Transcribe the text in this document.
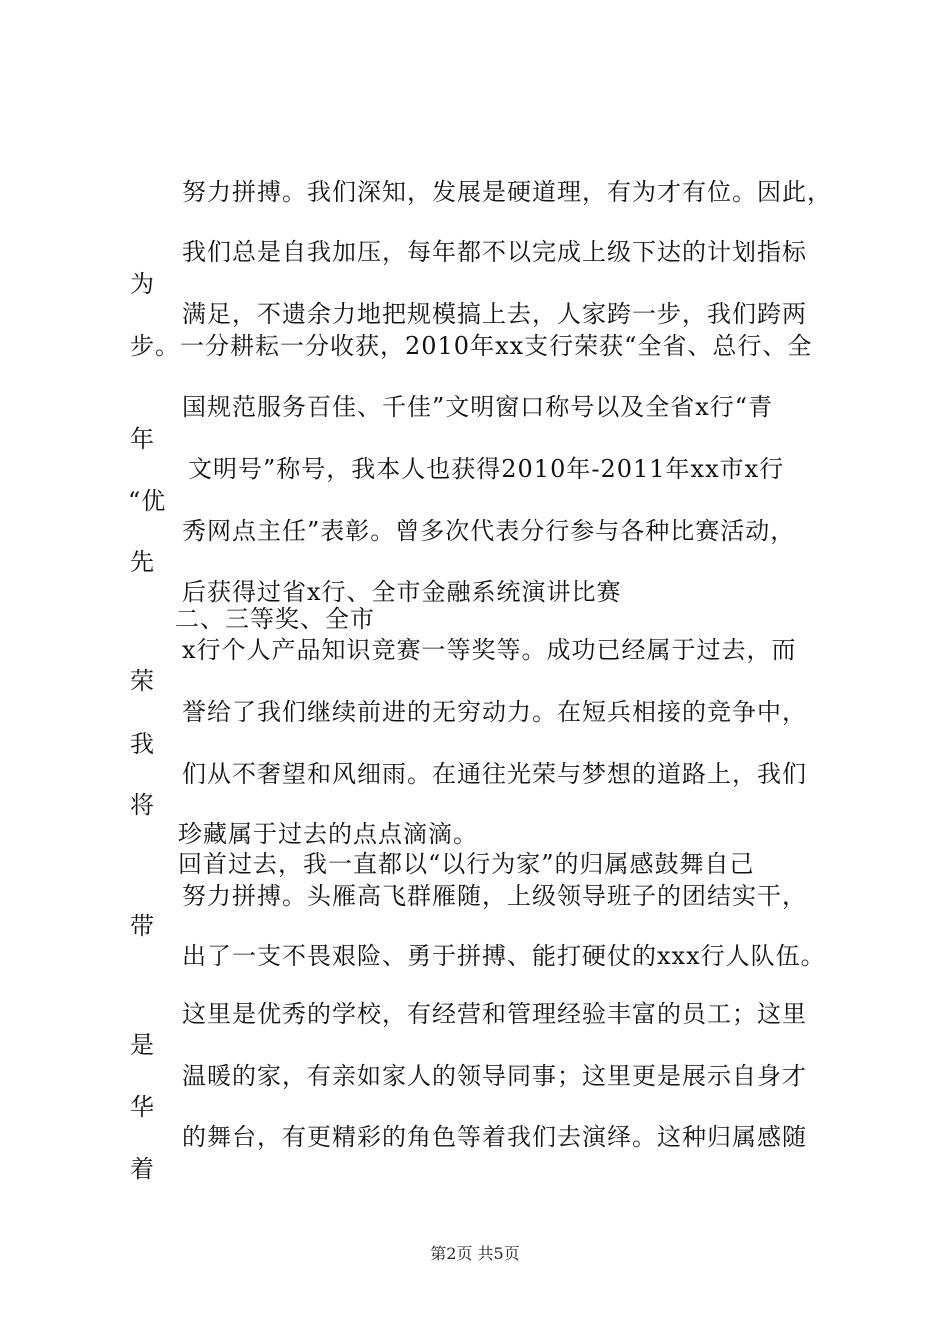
努力拼搏。我们深知，发展是硬道理，有为才有位。因此，
我们总是自我加压，每年都不以完成上级下达的计划指标
为
满足，不遗余力地把规模搞上去，人家跨一步，我们跨两
步。一分耕耘一分收获，2010年xx支行荣获“全省、总行、全
国规范服务百佳、千佳”文明窗口称号以及全省x行“青
年
文明号”称号，我本人也获得2010年-2011年xx市x行
“优
秀网点主任”表彰。曾多次代表分行参与各种比赛活动，
先
后获得过省x行、全市金融系统演讲比赛
二、三等奖、全市
x行个人产品知识竞赛一等奖等。成功已经属于过去，而
荣
誉给了我们继续前进的无穷动力。在短兵相接的竞争中，
我
们从不奢望和风细雨。在通往光荣与梦想的道路上，我们
将
珍藏属于过去的点点滴滴。
回首过去，我一直都以“以行为家”的归属感鼓舞自己
努力拼搏。头雁高飞群雁随，上级领导班子的团结实干，
带
出了一支不畏艰险、勇于拼搏、能打硬仗的xxx行人队伍。
这里是优秀的学校，有经营和管理经验丰富的员工；这里
是
温暖的家，有亲如家人的领导同事；这里更是展示自身才
华
的舞台，有更精彩的角色等着我们去演绎。这种归属感随
着
第2页 共5页
